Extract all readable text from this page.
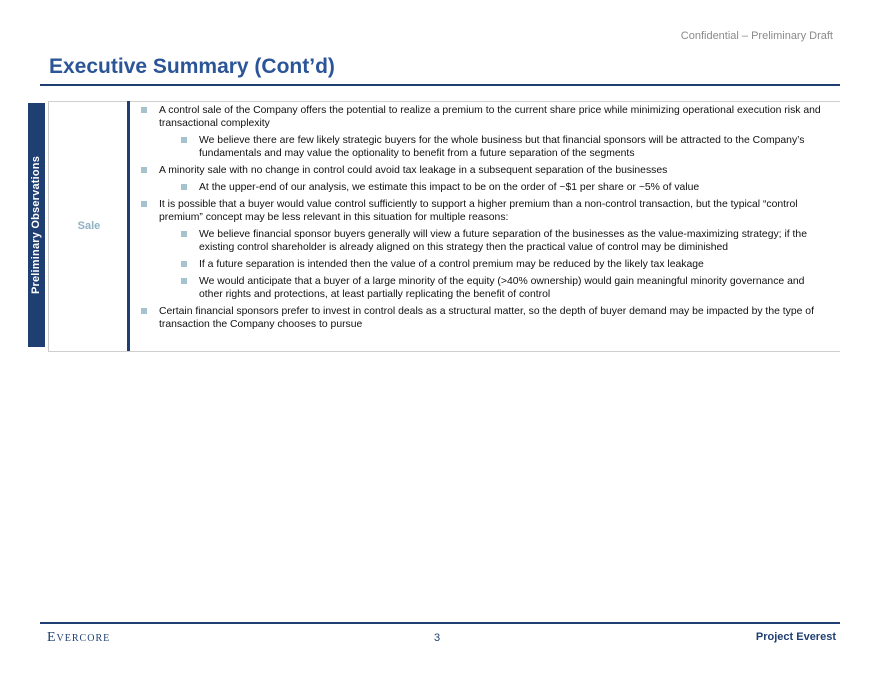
Confidential – Preliminary Draft
Executive Summary (Cont’d)
Preliminary Observations	Sale
A control sale of the Company offers the potential to realize a premium to the current share price while minimizing operational execution risk and transactional complexity
We believe there are few likely strategic buyers for the whole business but that financial sponsors will be attracted to the Company’s fundamentals and may value the optionality to benefit from a future separation of the segments
A minority sale with no change in control could avoid tax leakage in a subsequent separation of the businesses
At the upper-end of our analysis, we estimate this impact to be on the order of ~$1 per share or ~5% of value
It is possible that a buyer would value control sufficiently to support a higher premium than a non-control transaction, but the typical “control premium” concept may be less relevant in this situation for multiple reasons:
We believe financial sponsor buyers generally will view a future separation of the businesses as the value-maximizing strategy; if the existing control shareholder is already aligned on this strategy then the practical value of control may be diminished
If a future separation is intended then the value of a control premium may be reduced by the likely tax leakage
We would anticipate that a buyer of a large minority of the equity (>40% ownership) would gain meaningful minority governance and other rights and protections, at least partially replicating the benefit of control
Certain financial sponsors prefer to invest in control deals as a structural matter, so the depth of buyer demand may be impacted by the type of transaction the Company chooses to pursue
Evercore	3	Project Everest
